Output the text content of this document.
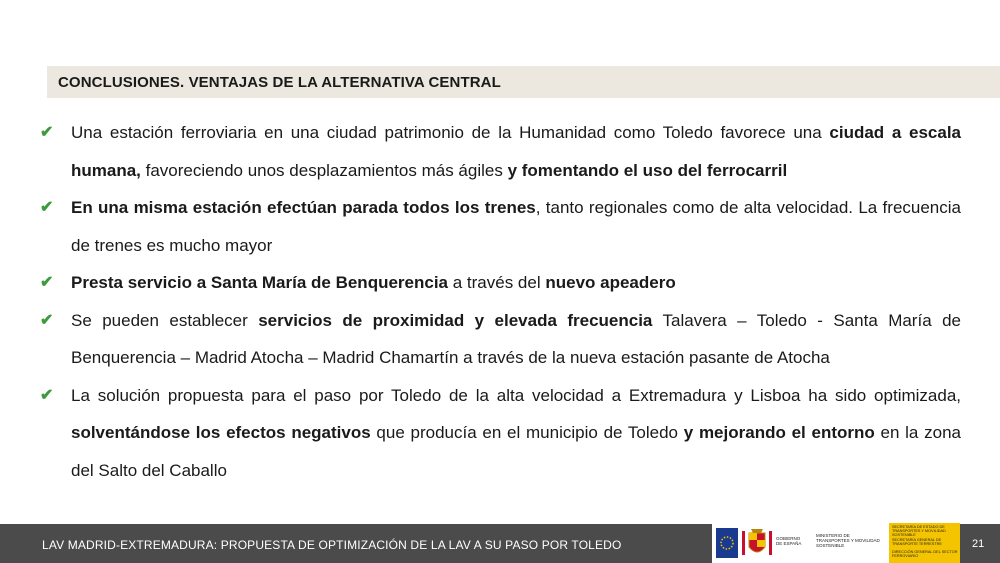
CONCLUSIONES. VENTAJAS DE LA ALTERNATIVA CENTRAL
✔ Una estación ferroviaria en una ciudad patrimonio de la Humanidad como Toledo favorece una ciudad a escala humana, favoreciendo unos desplazamientos más ágiles y fomentando el uso del ferrocarril
✔ En una misma estación efectúan parada todos los trenes, tanto regionales como de alta velocidad. La frecuencia de trenes es mucho mayor
✔ Presta servicio a Santa María de Benquerencia a través del nuevo apeadero
✔ Se pueden establecer servicios de proximidad y elevada frecuencia Talavera – Toledo - Santa María de Benquerencia – Madrid Atocha – Madrid Chamartín a través de la nueva estación pasante de Atocha
✔ La solución propuesta para el paso por Toledo de la alta velocidad a Extremadura y Lisboa ha sido optimizada, solventándose los efectos negativos que producía en el municipio de Toledo y mejorando el entorno en la zona del Salto del Caballo
LAV MADRID-EXTREMADURA: PROPUESTA DE OPTIMIZACIÓN DE LA LAV A SU PASO POR TOLEDO	GOBIERNO DE ESPAÑA
MINISTERIO DE TRANSPORTES Y MOVILIDAD SOSTENIBLE
SECRETARÍA DE ESTADO DE TRANSPORTES Y MOVILIDAD SOSTENIBLE
SECRETARÍA GENERAL DE TRANSPORTE TERRESTRE
DIRECCIÓN GENERAL DEL SECTOR FERROVIARIO
21
